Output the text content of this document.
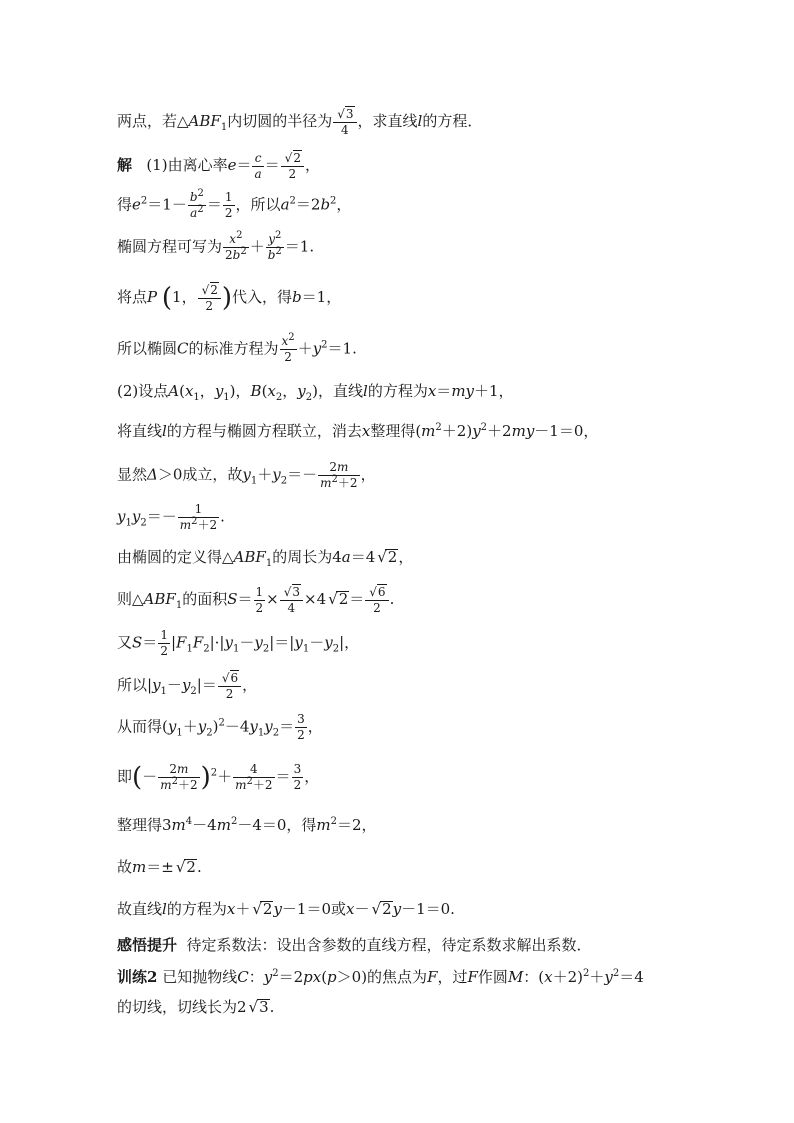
两点，若$\triangle ABF_1$内切圆的半径为
√ $\frac{3}{4}$ ，求直线l的方程．
解   (1)由离心率$e= \frac{c}{a}$ ＝
√ $\frac{2}{2}$ ，
得$e^2=1- \frac{b^2}{a^2} = \frac{1}{2}$ ，所以$a^2=2b^2$，
椭圆方程可写为 $\frac{x^2}{2b^2} + \frac{y^2}{b^2} =1$.
将点P (1，
√ $\frac{2}{2}$ )代入，得b＝1，
所以椭圆C的标准方程为 $\frac{x^2}{2} +y^2=1$.
(2)设点$A(x_1$，$y_1$)，$B(x_2$，$y_2$)，直线l的方程为x＝my＋1，
将直线l的方程与椭圆方程联立，消去x整理得$(m^2+2)y^2+2my-1=0$，
显然Δ＞0成立，故$y_1+y_2=- \frac{2m}{m^2+2}$ ，
$y_1y_2=- \frac{1}{m^2+2}$ .
由椭圆的定义得$\triangle ABF_1$的周长为4a＝4√ 2，
则$\triangle ABF_1$的面积$S= \frac{1}{2}$ ×
√ $\frac{3}{4} \times 4√$ 2＝
√ $\frac{6}{2}$ .
又$S= \frac{1}{2} |F_1F_2|\cdot|y_1-y_2|=|y_1-y_2|$，
所以$|y_1-y_2|=$
√ $\frac{6}{2}$ ，
从而得$(y_1+y_2)^2-4y_1y_2= \frac{3}{2}$ ，
即(－ $\frac{2m}{m^2+2} )^2+ \frac{4}{m^2+2} = \frac{3}{2}$ ，
整理得$3m^4-4m^2-4=0$，得$m^2=2$，
故m＝±√ 2.
故直线l的方程为x＋√ 2y－1＝0或x－√ 2y－1＝0.
感悟提升  待定系数法：设出含参数的直线方程，待定系数求解出系数．
训练2 已知抛物线C：$y^2=2px(p>0)$的焦点为F，过F作圆M：$(x+2)^2+y^2=4$
的切线，切线长为2√ 3.
